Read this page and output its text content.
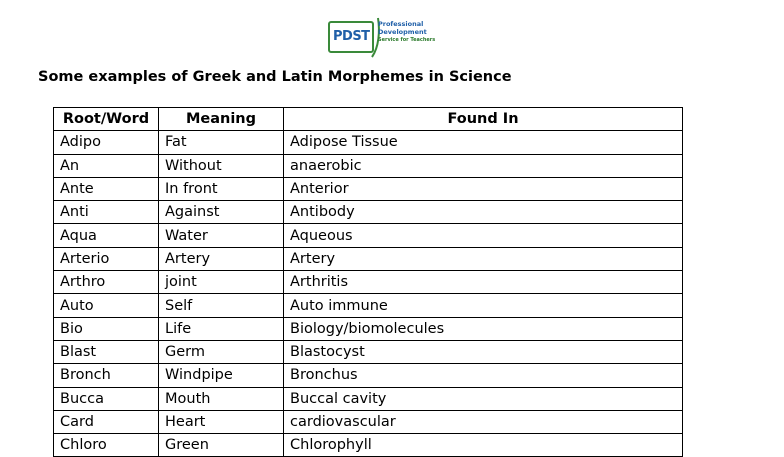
PDST
Professional
Development
Service for Teachers
Some examples of Greek and Latin Morphemes in Science
Root/Word	Meaning	Found In
Adipo	Fat	Adipose Tissue
An	Without	anaerobic
Ante	In front	Anterior
Anti	Against	Antibody
Aqua	Water	Aqueous
Arterio	Artery	Artery
Arthro	joint	Arthritis
Auto	Self	Auto immune
Bio	Life	Biology/biomolecules
Blast	Germ	Blastocyst
Bronch	Windpipe	Bronchus
Bucca	Mouth	Buccal cavity
Card	Heart	cardiovascular
Chloro	Green	Chlorophyll
